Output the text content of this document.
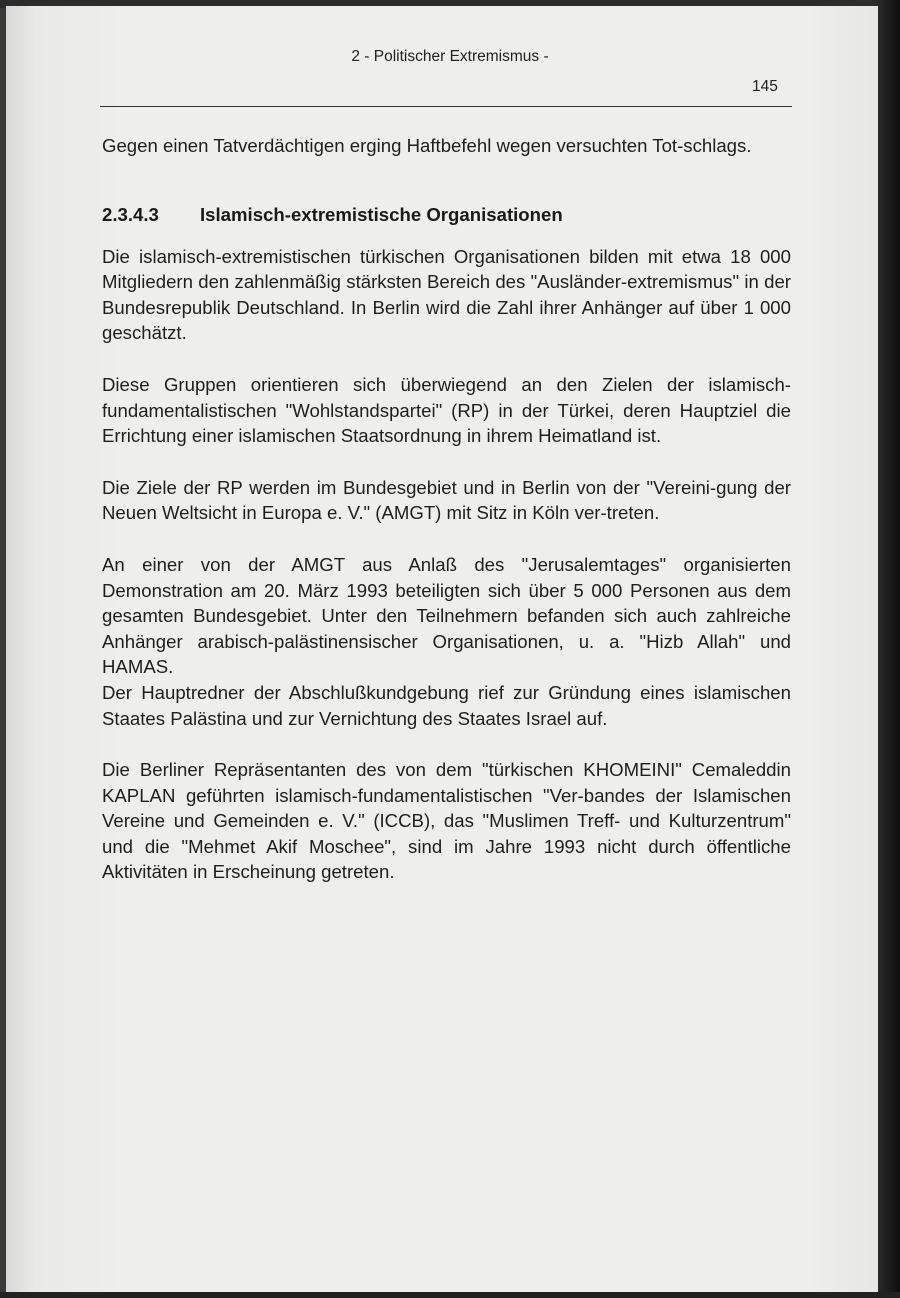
2 - Politischer Extremismus -
145

Gegen einen Tatverdächtigen erging Haftbefehl wegen versuchten Tot-schlags.

2.3.4.3	Islamisch-extremistische Organisationen

Die islamisch-extremistischen türkischen Organisationen bilden mit etwa 18 000 Mitgliedern den zahlenmäßig stärksten Bereich des "Ausländer-extremismus" in der Bundesrepublik Deutschland. In Berlin wird die Zahl ihrer Anhänger auf über 1 000 geschätzt.

Diese Gruppen orientieren sich überwiegend an den Zielen der islamisch-fundamentalistischen "Wohlstandspartei" (RP) in der Türkei, deren Hauptziel die Errichtung einer islamischen Staatsordnung in ihrem Heimatland ist.

Die Ziele der RP werden im Bundesgebiet und in Berlin von der "Vereini-gung der Neuen Weltsicht in Europa e. V." (AMGT) mit Sitz in Köln ver-treten.

An einer von der AMGT aus Anlaß des "Jerusalemtages" organisierten Demonstration am 20. März 1993 beteiligten sich über 5 000 Personen aus dem gesamten Bundesgebiet. Unter den Teilnehmern befanden sich auch zahlreiche Anhänger arabisch-palästinensischer Organisationen, u. a. "Hizb Allah" und HAMAS.

Der Hauptredner der Abschlußkundgebung rief zur Gründung eines islamischen Staates Palästina und zur Vernichtung des Staates Israel auf.

Die Berliner Repräsentanten des von dem "türkischen KHOMEINI" Cemaleddin KAPLAN geführten islamisch-fundamentalistischen "Ver-bandes der Islamischen Vereine und Gemeinden e. V." (ICCB), das "Muslimen Treff- und Kulturzentrum" und die "Mehmet Akif Moschee", sind im Jahre 1993 nicht durch öffentliche Aktivitäten in Erscheinung getreten.
